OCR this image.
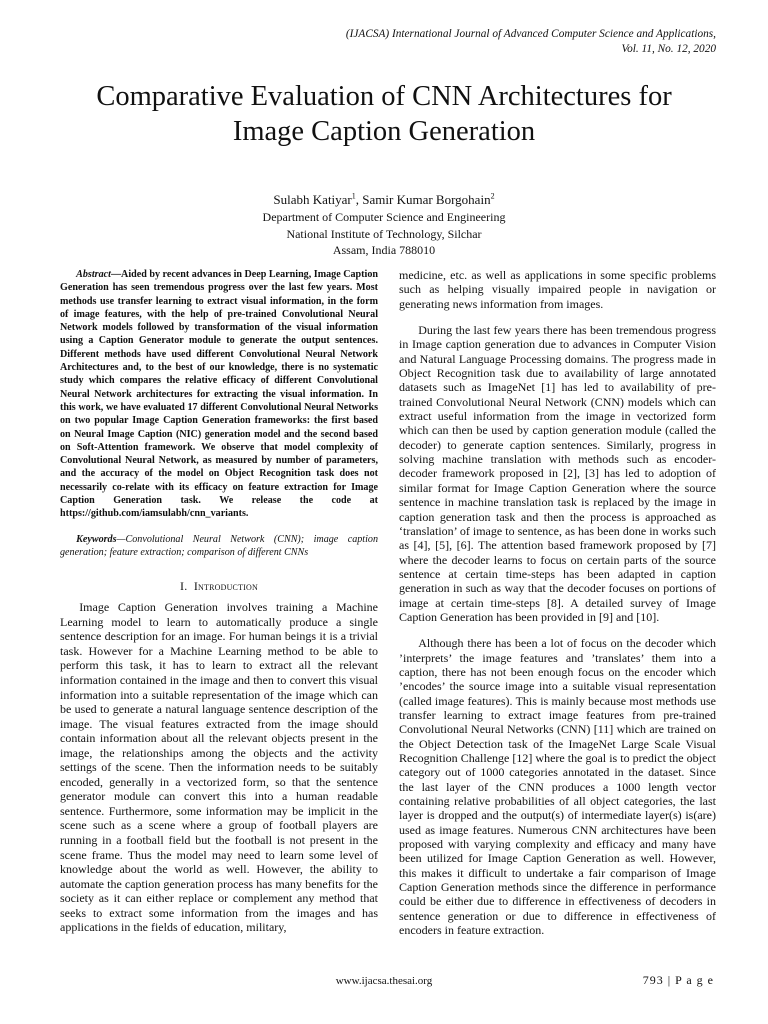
(IJACSA) International Journal of Advanced Computer Science and Applications,
Vol. 11, No. 12, 2020
Comparative Evaluation of CNN Architectures for
Image Caption Generation
Sulabh Katiyar$^1$, Samir Kumar Borgohain$^2$
Department of Computer Science and Engineering
National Institute of Technology, Silchar
Assam, India 788010

Abstract—Aided by recent advances in Deep Learning, Image Caption Generation has seen tremendous progress over the last few years. Most methods use transfer learning to extract visual information, in the form of image features, with the help of pre-trained Convolutional Neural Network models followed by transformation of the visual information using a Caption Generator module to generate the output sentences. Different methods have used different Convolutional Neural Network Architectures and, to the best of our knowledge, there is no systematic study which compares the relative efficacy of different Convolutional Neural Network architectures for extracting the visual information. In this work, we have evaluated 17 different Convolutional Neural Networks on two popular Image Caption Generation frameworks: the first based on Neural Image Caption (NIC) generation model and the second based on Soft-Attention framework. We observe that model complexity of Convolutional Neural Network, as measured by number of parameters, and the accuracy of the model on Object Recognition task does not necessarily co-relate with its efficacy on feature extraction for Image Caption Generation task. We release the code at https://github.com/iamsulabh/cnn_variants.

Keywords—Convolutional Neural Network (CNN); image caption generation; feature extraction; comparison of different CNNs

I. Introduction

Image Caption Generation involves training a Machine Learning model to learn to automatically produce a single sentence description for an image. For human beings it is a trivial task. However for a Machine Learning method to be able to perform this task, it has to learn to extract all the relevant information contained in the image and then to convert this visual information into a suitable representation of the image which can be used to generate a natural language sentence description of the image. The visual features extracted from the image should contain information about all the relevant objects present in the image, the relationships among the objects and the activity settings of the scene. Then the information needs to be suitably encoded, generally in a vectorized form, so that the sentence generator module can convert this into a human readable sentence. Furthermore, some information may be implicit in the scene such as a scene where a group of football players are running in a football field but the football is not present in the scene frame. Thus the model may need to learn some level of knowledge about the world as well. However, the ability to automate the caption generation process has many benefits for the society as it can either replace or complement any method that seeks to extract some information from the images and has applications in the fields of education, military,

medicine, etc. as well as applications in some specific problems such as helping visually impaired people in navigation or generating news information from images.

During the last few years there has been tremendous progress in Image caption generation due to advances in Computer Vision and Natural Language Processing domains. The progress made in Object Recognition task due to availability of large annotated datasets such as ImageNet [1] has led to availability of pre-trained Convolutional Neural Network (CNN) models which can extract useful information from the image in vectorized form which can then be used by caption generation module (called the decoder) to generate caption sentences. Similarly, progress in solving machine translation with methods such as encoder-decoder framework proposed in [2], [3] has led to adoption of similar format for Image Caption Generation where the source sentence in machine translation task is replaced by the image in caption generation task and then the process is approached as ‘translation’ of image to sentence, as has been done in works such as [4], [5], [6]. The attention based framework proposed by [7] where the decoder learns to focus on certain parts of the source sentence at certain time-steps has been adapted in caption generation in such as way that the decoder focuses on portions of image at certain time-steps [8]. A detailed survey of Image Caption Generation has been provided in [9] and [10].

Although there has been a lot of focus on the decoder which ’interprets’ the image features and ’translates’ them into a caption, there has not been enough focus on the encoder which ’encodes’ the source image into a suitable visual representation (called image features). This is mainly because most methods use transfer learning to extract image features from pre-trained Convolutional Neural Networks (CNN) [11] which are trained on the Object Detection task of the ImageNet Large Scale Visual Recognition Challenge [12] where the goal is to predict the object category out of 1000 categories annotated in the dataset. Since the last layer of the CNN produces a 1000 length vector containing relative probabilities of all object categories, the last layer is dropped and the output(s) of intermediate layer(s) is(are) used as image features. Numerous CNN architectures have been proposed with varying complexity and efficacy and many have been utilized for Image Caption Generation as well. However, this makes it difficult to undertake a fair comparison of Image Caption Generation methods since the difference in performance could be either due to difference in effectiveness of decoders in sentence generation or due to difference in effectiveness of encoders in feature extraction.

www.ijacsa.thesai.org	793 | P a g e
